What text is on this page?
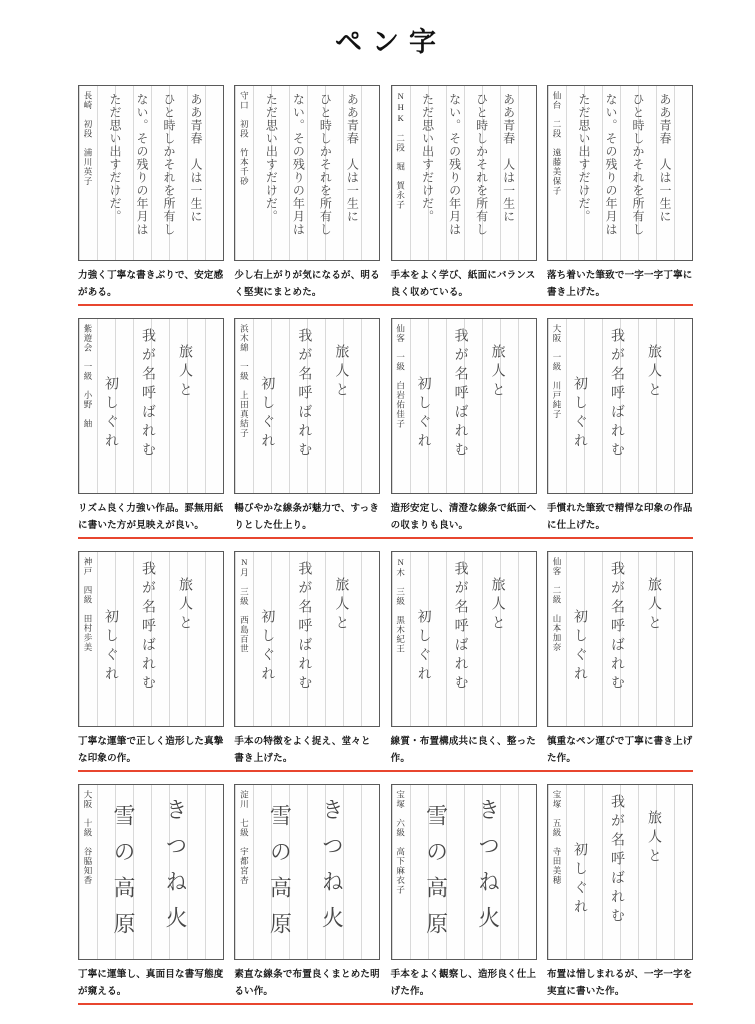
ペン字
長崎　初段　浦川英子	ああ青春　人は一生に
ひと時しかそれを所有し
ない。その残りの年月は
ただ思い出すだけだ。
力強く丁寧な書きぶりで、安定感がある。
守口　初段　竹本千砂	ああ青春　人は一生に
ひと時しかそれを所有し
ない。その残りの年月は
ただ思い出すだけだ。
少し右上がりが気になるが、明るく堅実にまとめた。
NHK　二段　堀　賀永子	ああ青春　人は一生に
ひと時しかそれを所有し
ない。その残りの年月は
ただ思い出すだけだ。
手本をよく学び、紙面にバランス良く収めている。
仙台　二段　遠藤美保子	ああ青春　人は一生に
ひと時しかそれを所有し
ない。その残りの年月は
ただ思い出すだけだ。
落ち着いた筆致で一字一字丁寧に書き上げた。
紫遊会　一級　小野　紬	旅人と
我が名呼ばれむ
初しぐれ
リズム良く力強い作品。罫無用紙に書いた方が見映えが良い。
浜木綿　一級　上田真結子	旅人と
我が名呼ばれむ
初しぐれ
暢びやかな線条が魅力で、すっきりとした仕上り。
仙客　一級　白岩佑佳子	旅人と
我が名呼ばれむ
初しぐれ
造形安定し、清澄な線条で紙面への収まりも良い。
大阪　一級　川戸純子	旅人と
我が名呼ばれむ
初しぐれ
手慣れた筆致で精悍な印象の作品に仕上げた。
神戸　四級　田村歩美	旅人と
我が名呼ばれむ
初しぐれ
丁寧な運筆で正しく造形した真摯な印象の作。
N月　三級　西島百世	旅人と
我が名呼ばれむ
初しぐれ
手本の特徴をよく捉え、堂々と書き上げた。
N木　三級　黒木紀王	旅人と
我が名呼ばれむ
初しぐれ
線質・布置構成共に良く、整った作。
仙客　二級　山本加奈	旅人と
我が名呼ばれむ
初しぐれ
慎重なペン運びで丁寧に書き上げた作。
大阪　十級　谷脇知香	きつね火
雪の高原
丁寧に運筆し、真面目な書写態度が窺える。
淀川　七級　宇都宮杏	きつね火
雪の高原
素直な線条で布置良くまとめた明るい作。
宝塚　六級　高下麻衣子	きつね火
雪の高原
手本をよく観察し、造形良く仕上げた作。
宝塚　五級　寺田美穂	旅人と
我が名呼ばれむ
初しぐれ
布置は惜しまれるが、一字一字を実直に書いた作。
